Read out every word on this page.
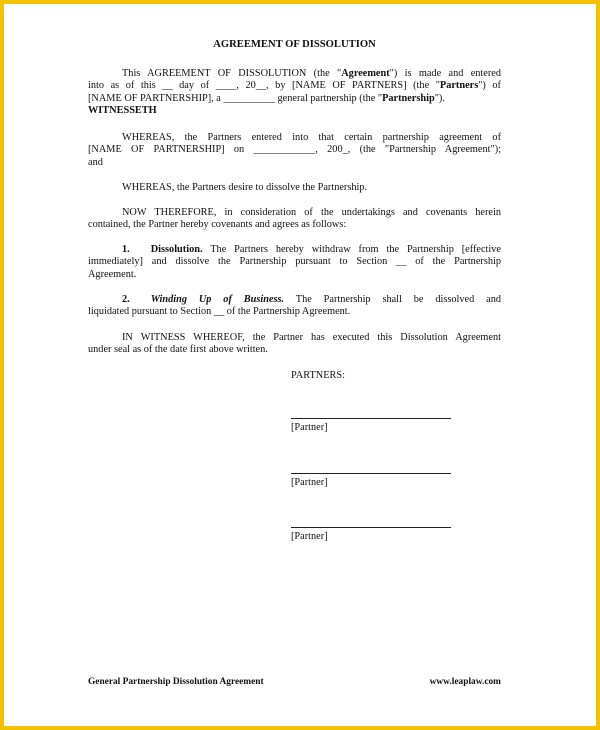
AGREEMENT OF DISSOLUTION
This AGREEMENT OF DISSOLUTION (the "Agreement") is made and entered
into as of this __ day of ____, 20__, by [NAME OF PARTNERS] (the "Partners") of
[NAME OF PARTNERSHIP], a __________ general partnership (the "Partnership").
WITNESSETH
WHEREAS, the Partners entered into that certain partnership agreement of
[NAME OF PARTNERSHIP] on ____________, 200_, (the "Partnership Agreement");
and
WHEREAS, the Partners desire to dissolve the Partnership.
NOW THEREFORE, in consideration of the undertakings and covenants herein
contained, the Partner hereby covenants and agrees as follows:
1. Dissolution. The Partners hereby withdraw from the Partnership [effective
immediately] and dissolve the Partnership pursuant to Section __ of the Partnership
Agreement.
2. Winding Up of Business. The Partnership shall be dissolved and
liquidated pursuant to Section __ of the Partnership Agreement.
IN WITNESS WHEREOF, the Partner has executed this Dissolution Agreement
under seal as of the date first above written.
PARTNERS:
[Partner]
[Partner]
[Partner]
General Partnership Dissolution Agreement	www.leaplaw.com
